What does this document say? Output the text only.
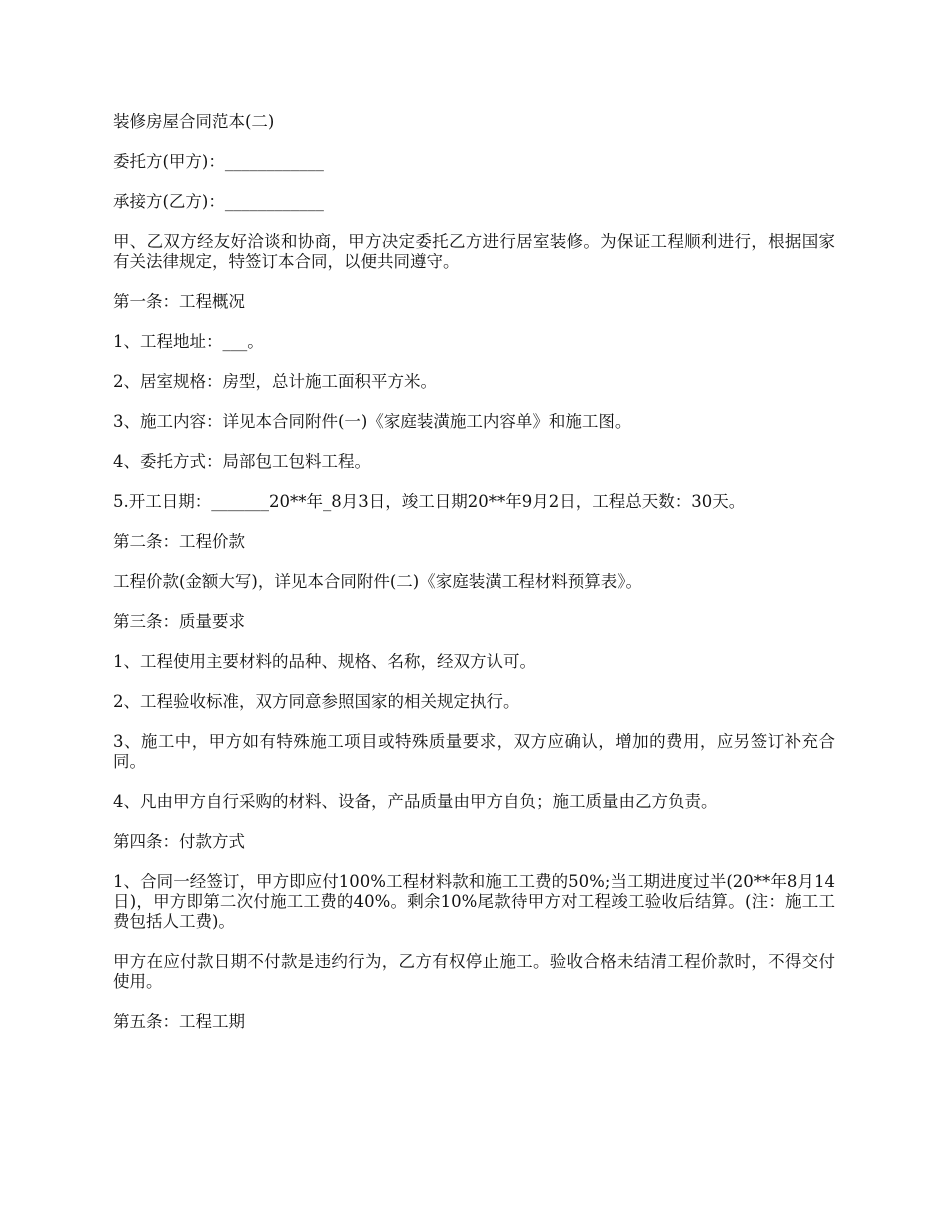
装修房屋合同范本(二)

委托方(甲方)：____________

承接方(乙方)：____________

甲、乙双方经友好洽谈和协商，甲方决定委托乙方进行居室装修。为保证工程顺利进行，根据国家有关法律规定，特签订本合同，以便共同遵守。

第一条：工程概况

1、工程地址：___。

2、居室规格：房型，总计施工面积平方米。

3、施工内容：详见本合同附件(一)《家庭装潢施工内容单》和施工图。

4、委托方式：局部包工包料工程。

5.开工日期：_______20**年_8月3日，竣工日期20**年9月2日，工程总天数：30天。

第二条：工程价款

工程价款(金额大写)，详见本合同附件(二)《家庭装潢工程材料预算表》。

第三条：质量要求

1、工程使用主要材料的品种、规格、名称，经双方认可。

2、工程验收标准，双方同意参照国家的相关规定执行。

3、施工中，甲方如有特殊施工项目或特殊质量要求，双方应确认，增加的费用，应另签订补充合同。

4、凡由甲方自行采购的材料、设备，产品质量由甲方自负；施工质量由乙方负责。

第四条：付款方式

1、合同一经签订，甲方即应付100%工程材料款和施工工费的50%;当工期进度过半(20**年8月14日)，甲方即第二次付施工工费的40%。剩余10%尾款待甲方对工程竣工验收后结算。(注：施工工费包括人工费)。

甲方在应付款日期不付款是违约行为，乙方有权停止施工。验收合格未结清工程价款时，不得交付使用。

第五条：工程工期
